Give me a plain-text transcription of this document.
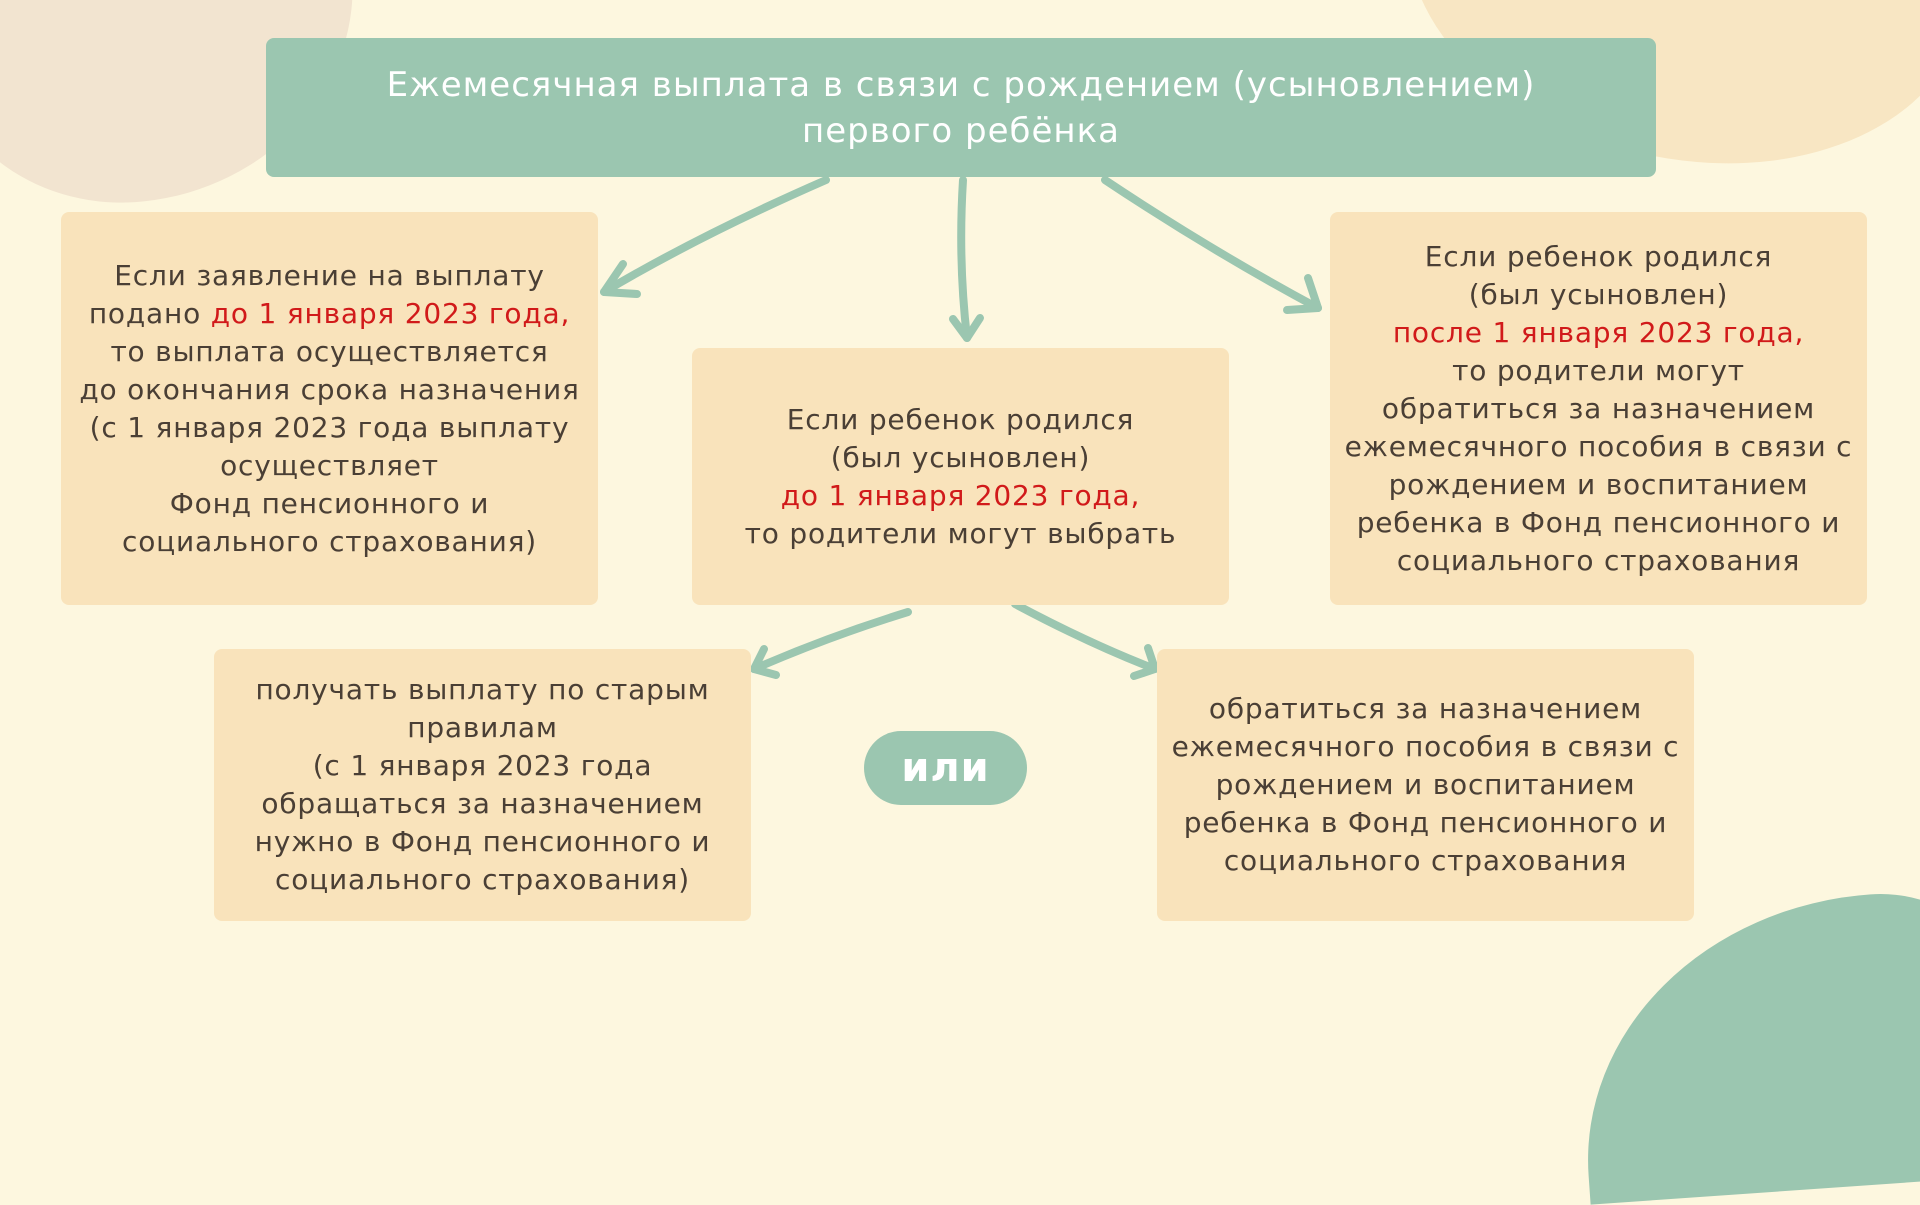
Ежемесячная выплата в связи с рождением (усыновлением)
первого ребёнка
Если заявление на выплату
подано до 1 января 2023 года,
то выплата осуществляется
до окончания срока назначения
(с 1 января 2023 года выплату
осуществляет
Фонд пенсионного и
социального страхования)
Если ребенок родился
(был усыновлен)
до 1 января 2023 года,
то родители могут выбрать
Если ребенок родился
(был усыновлен)
после 1 января 2023 года,
то родители могут
обратиться за назначением
ежемесячного пособия в связи с
рождением и воспитанием
ребенка в Фонд пенсионного и
социального страхования
получать выплату по старым
правилам
(с 1 января 2023 года
обращаться за назначением
нужно в Фонд пенсионного и
социального страхования)
или
обратиться за назначением
ежемесячного пособия в связи с
рождением и воспитанием
ребенка в Фонд пенсионного и
социального страхования
